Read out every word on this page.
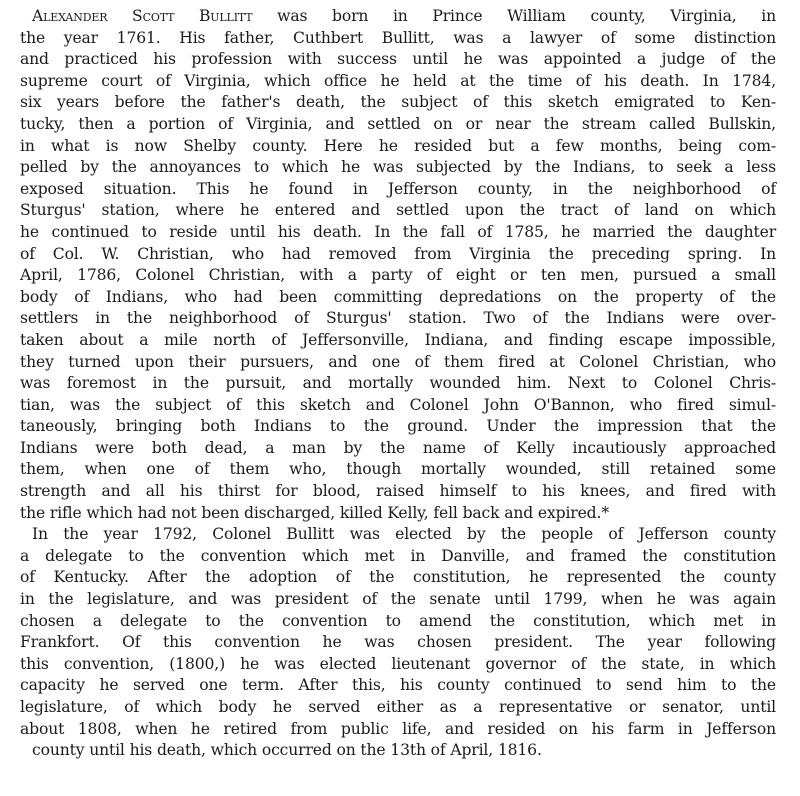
Alexander Scott Bullitt was born in Prince William county, Virginia, in
the year 1761. His father, Cuthbert Bullitt, was a lawyer of some distinction
and practiced his profession with success until he was appointed a judge of the
supreme court of Virginia, which office he held at the time of his death. In 1784,
six years before the father's death, the subject of this sketch emigrated to Ken-
tucky, then a portion of Virginia, and settled on or near the stream called Bullskin,
in what is now Shelby county. Here he resided but a few months, being com-
pelled by the annoyances to which he was subjected by the Indians, to seek a less
exposed situation. This he found in Jefferson county, in the neighborhood of
Sturgus' station, where he entered and settled upon the tract of land on which
he continued to reside until his death. In the fall of 1785, he married the daughter
of Col. W. Christian, who had removed from Virginia the preceding spring. In
April, 1786, Colonel Christian, with a party of eight or ten men, pursued a small
body of Indians, who had been committing depredations on the property of the
settlers in the neighborhood of Sturgus' station. Two of the Indians were over-
taken about a mile north of Jeffersonville, Indiana, and finding escape impossible,
they turned upon their pursuers, and one of them fired at Colonel Christian, who
was foremost in the pursuit, and mortally wounded him. Next to Colonel Chris-
tian, was the subject of this sketch and Colonel John O'Bannon, who fired simul-
taneously, bringing both Indians to the ground. Under the impression that the
Indians were both dead, a man by the name of Kelly incautiously approached
them, when one of them who, though mortally wounded, still retained some
strength and all his thirst for blood, raised himself to his knees, and fired with
the rifle which had not been discharged, killed Kelly, fell back and expired.*
In the year 1792, Colonel Bullitt was elected by the people of Jefferson county
a delegate to the convention which met in Danville, and framed the constitution
of Kentucky. After the adoption of the constitution, he represented the county
in the legislature, and was president of the senate until 1799, when he was again
chosen a delegate to the convention to amend the constitution, which met in
Frankfort. Of this convention he was chosen president. The year following
this convention, (1800,) he was elected lieutenant governor of the state, in which
capacity he served one term. After this, his county continued to send him to the
legislature, of which body he served either as a representative or senator, until
about 1808, when he retired from public life, and resided on his farm in Jefferson
county until his death, which occurred on the 13th of April, 1816.
